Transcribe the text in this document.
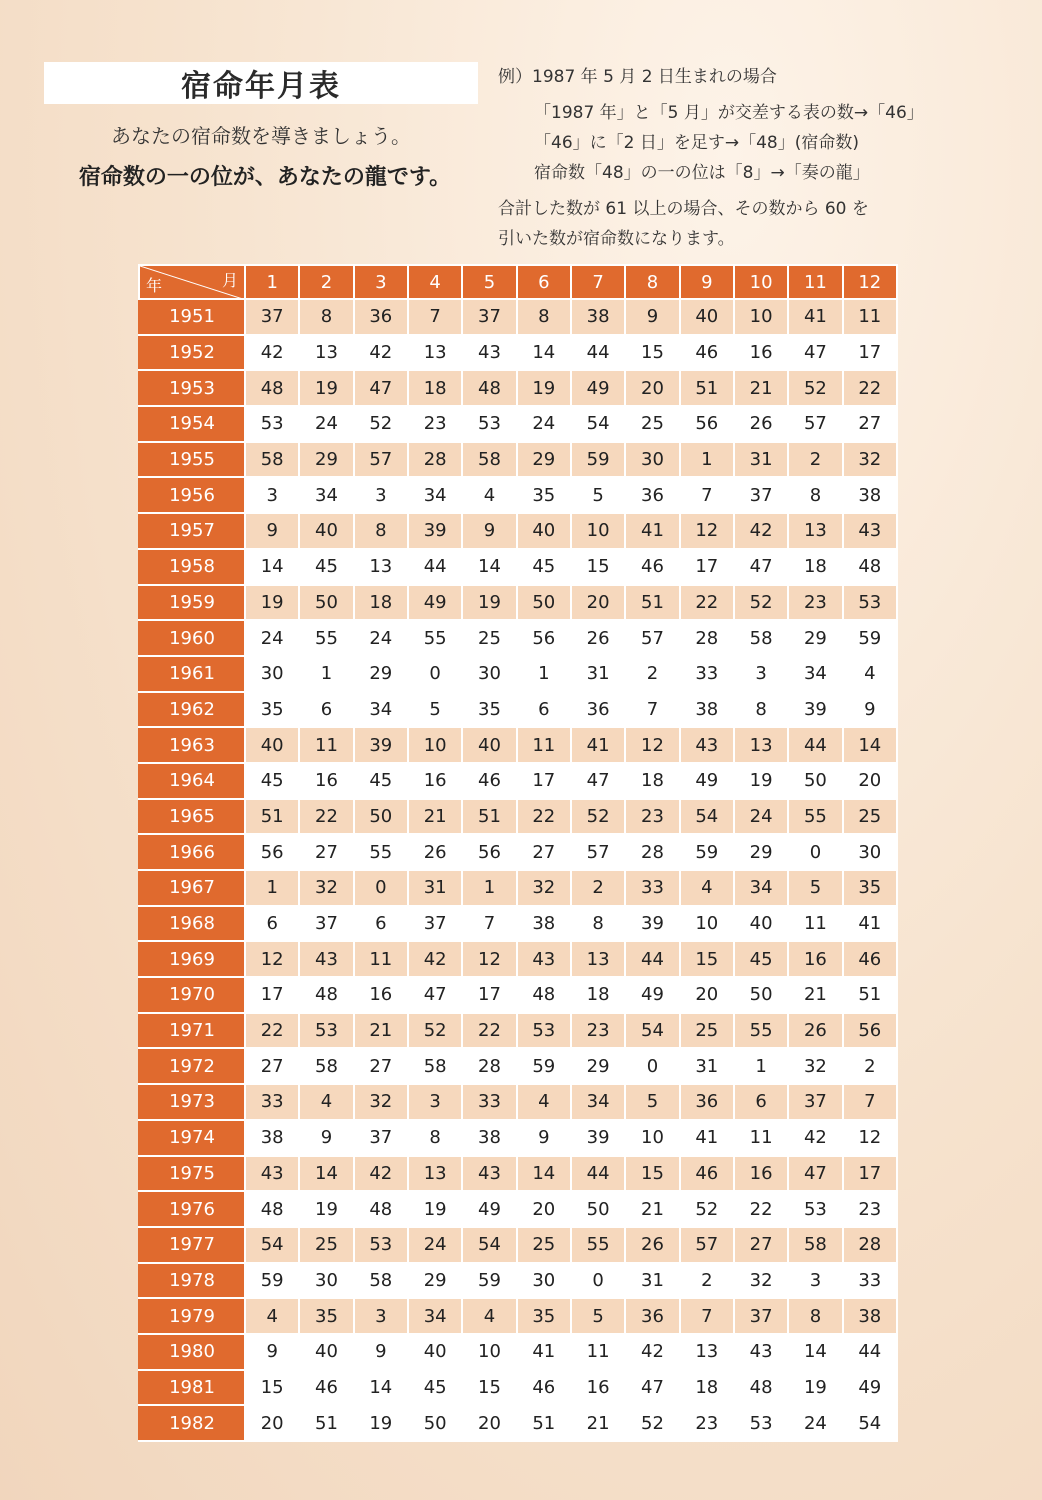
宿命年月表
あなたの宿命数を導きましょう。
宿命数の一の位が、あなたの龍です。
例）1987 年 5 月 2 日生まれの場合
「1987 年」と「5 月」が交差する表の数→「46」
「46」に「2 日」を足す→「48」(宿命数)
宿命数「48」の一の位は「8」→「奏の龍」
合計した数が 61 以上の場合、その数から 60 を
引いた数が宿命数になります。
月
年	1	2	3	4	5	6	7	8	9	10	11	12
1951	37	8	36	7	37	8	38	9	40	10	41	11
1952	42	13	42	13	43	14	44	15	46	16	47	17
1953	48	19	47	18	48	19	49	20	51	21	52	22
1954	53	24	52	23	53	24	54	25	56	26	57	27
1955	58	29	57	28	58	29	59	30	1	31	2	32
1956	3	34	3	34	4	35	5	36	7	37	8	38
1957	9	40	8	39	9	40	10	41	12	42	13	43
1958	14	45	13	44	14	45	15	46	17	47	18	48
1959	19	50	18	49	19	50	20	51	22	52	23	53
1960	24	55	24	55	25	56	26	57	28	58	29	59
1961	30	1	29	0	30	1	31	2	33	3	34	4
1962	35	6	34	5	35	6	36	7	38	8	39	9
1963	40	11	39	10	40	11	41	12	43	13	44	14
1964	45	16	45	16	46	17	47	18	49	19	50	20
1965	51	22	50	21	51	22	52	23	54	24	55	25
1966	56	27	55	26	56	27	57	28	59	29	0	30
1967	1	32	0	31	1	32	2	33	4	34	5	35
1968	6	37	6	37	7	38	8	39	10	40	11	41
1969	12	43	11	42	12	43	13	44	15	45	16	46
1970	17	48	16	47	17	48	18	49	20	50	21	51
1971	22	53	21	52	22	53	23	54	25	55	26	56
1972	27	58	27	58	28	59	29	0	31	1	32	2
1973	33	4	32	3	33	4	34	5	36	6	37	7
1974	38	9	37	8	38	9	39	10	41	11	42	12
1975	43	14	42	13	43	14	44	15	46	16	47	17
1976	48	19	48	19	49	20	50	21	52	22	53	23
1977	54	25	53	24	54	25	55	26	57	27	58	28
1978	59	30	58	29	59	30	0	31	2	32	3	33
1979	4	35	3	34	4	35	5	36	7	37	8	38
1980	9	40	9	40	10	41	11	42	13	43	14	44
1981	15	46	14	45	15	46	16	47	18	48	19	49
1982	20	51	19	50	20	51	21	52	23	53	24	54
